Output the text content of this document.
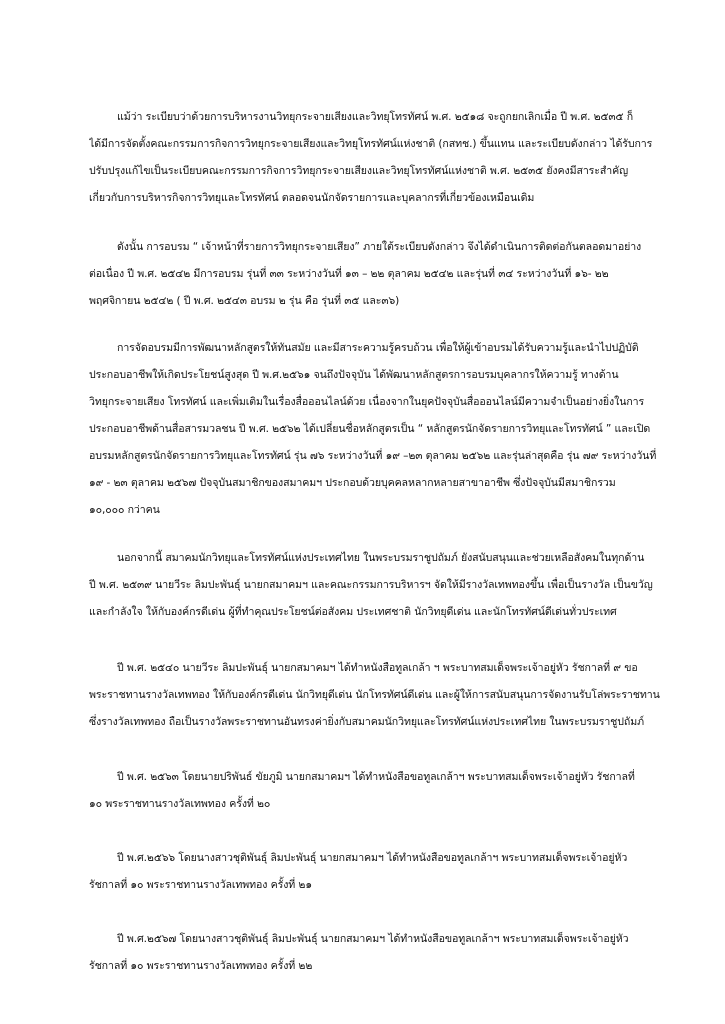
แม้ว่า ระเบียบว่าด้วยการบริหารงานวิทยุกระจายเสียงและวิทยุโทรทัศน์ พ.ศ. ๒๕๑๘ จะถูกยกเลิกเมื่อ ปี พ.ศ. ๒๕๓๕ ก็
ได้มีการจัดตั้งคณะกรรมการกิจการวิทยุกระจายเสียงและวิทยุโทรทัศน์แห่งชาติ (กสทช.) ขึ้นแทน และระเบียบดังกล่าว ได้รับการ
ปรับปรุงแก้ไขเป็นระเบียบคณะกรรมการกิจการวิทยุกระจายเสียงและวิทยุโทรทัศน์แห่งชาติ พ.ศ. ๒๕๓๕ ยังคงมีสาระสำคัญ
เกี่ยวกับการบริหารกิจการวิทยุและโทรทัศน์ ตลอดจนนักจัดรายการและบุคลากรที่เกี่ยวข้องเหมือนเดิม
ดังนั้น การอบรม “ เจ้าหน้าที่รายการวิทยุกระจายเสียง” ภายใต้ระเบียบดังกล่าว จึงได้ดำเนินการติดต่อกันตลอดมาอย่าง
ต่อเนื่อง ปี พ.ศ. ๒๕๔๒ มีการอบรม รุ่นที่ ๓๓ ระหว่างวันที่ ๑๓ – ๒๒ ตุลาคม ๒๕๔๒ และรุ่นที่ ๓๔ ระหว่างวันที่ ๑๖- ๒๒
พฤศจิกายน ๒๕๔๒ ( ปี พ.ศ. ๒๕๔๓ อบรม ๒ รุ่น คือ รุ่นที่ ๓๕ และ๓๖)
การจัดอบรมมีการพัฒนาหลักสูตรให้ทันสมัย และมีสาระความรู้ครบถ้วน เพื่อให้ผู้เข้าอบรมได้รับความรู้และนำไปปฏิบัติ
ประกอบอาชีพให้เกิดประโยชน์สูงสุด ปี พ.ศ.๒๕๖๑ จนถึงปัจจุบัน ได้พัฒนาหลักสูตรการอบรมบุคลากรให้ความรู้ ทางด้าน
วิทยุกระจายเสียง โทรทัศน์ และเพิ่มเติมในเรื่องสื่อออนไลน์ด้วย เนื่องจากในยุคปัจจุบันสื่อออนไลน์มีความจำเป็นอย่างยิ่งในการ
ประกอบอาชีพด้านสื่อสารมวลชน ปี พ.ศ. ๒๕๖๒ ได้เปลี่ยนชื่อหลักสูตรเป็น “ หลักสูตรนักจัดรายการวิทยุและโทรทัศน์ ” และเปิด
อบรมหลักสูตรนักจัดรายการวิทยุและโทรทัศน์ รุ่น ๗๖ ระหว่างวันที่ ๑๙ –๒๓ ตุลาคม ๒๕๖๒ และรุ่นล่าสุดคือ รุ่น ๗๙ ระหว่างวันที่
๑๙ - ๒๓ ตุลาคม ๒๕๖๗ ปัจจุบันสมาชิกของสมาคมฯ ประกอบด้วยบุคคลหลากหลายสาขาอาชีพ ซึ่งปัจจุบันมีสมาชิกรวม
๑๐,๐๐๐ กว่าคน
นอกจากนี้ สมาคมนักวิทยุและโทรทัศน์แห่งประเทศไทย ในพระบรมราชูปถัมภ์ ยังสนับสนุนและช่วยเหลือสังคมในทุกด้าน
ปี พ.ศ. ๒๕๓๙ นายวีระ ลิมปะพันธุ์ นายกสมาคมฯ และคณะกรรมการบริหารฯ จัดให้มีรางวัลเทพทองขึ้น เพื่อเป็นรางวัล เป็นขวัญ
และกำลังใจ ให้กับองค์กรดีเด่น ผู้ที่ทำคุณประโยชน์ต่อสังคม ประเทศชาติ นักวิทยุดีเด่น และนักโทรทัศน์ดีเด่นทั่วประเทศ
ปี พ.ศ. ๒๕๔๐ นายวีระ ลิมปะพันธุ์ นายกสมาคมฯ ได้ทำหนังสือทูลเกล้า ฯ พระบาทสมเด็จพระเจ้าอยู่หัว รัชกาลที่ ๙ ขอ
พระราชทานรางวัลเทพทอง ให้กับองค์กรดีเด่น นักวิทยุดีเด่น นักโทรทัศน์ดีเด่น และผู้ให้การสนับสนุนการจัดงานรับโล่พระราชทาน
ซึ่งรางวัลเทพทอง ถือเป็นรางวัลพระราชทานอันทรงค่ายิ่งกับสมาคมนักวิทยุและโทรทัศน์แห่งประเทศไทย ในพระบรมราชูปถัมภ์
ปี พ.ศ. ๒๕๖๓ โดยนายปริพันธ์ ขัยภูมิ นายกสมาคมฯ ได้ทำหนังสือขอทูลเกล้าฯ พระบาทสมเด็จพระเจ้าอยู่หัว รัชกาลที่
๑๐ พระราชทานรางวัลเทพทอง ครั้งที่ ๒๐
ปี พ.ศ.๒๕๖๖ โดยนางสาวชุติพันธุ์ ลิมปะพันธุ์ นายกสมาคมฯ ได้ทำหนังสือขอทูลเกล้าฯ พระบาทสมเด็จพระเจ้าอยู่หัว
รัชกาลที่ ๑๐ พระราชทานรางวัลเทพทอง ครั้งที่ ๒๑
ปี พ.ศ.๒๕๖๗ โดยนางสาวชุติพันธุ์ ลิมปะพันธุ์ นายกสมาคมฯ ได้ทำหนังสือขอทูลเกล้าฯ พระบาทสมเด็จพระเจ้าอยู่หัว
รัชกาลที่ ๑๐ พระราชทานรางวัลเทพทอง ครั้งที่ ๒๒
